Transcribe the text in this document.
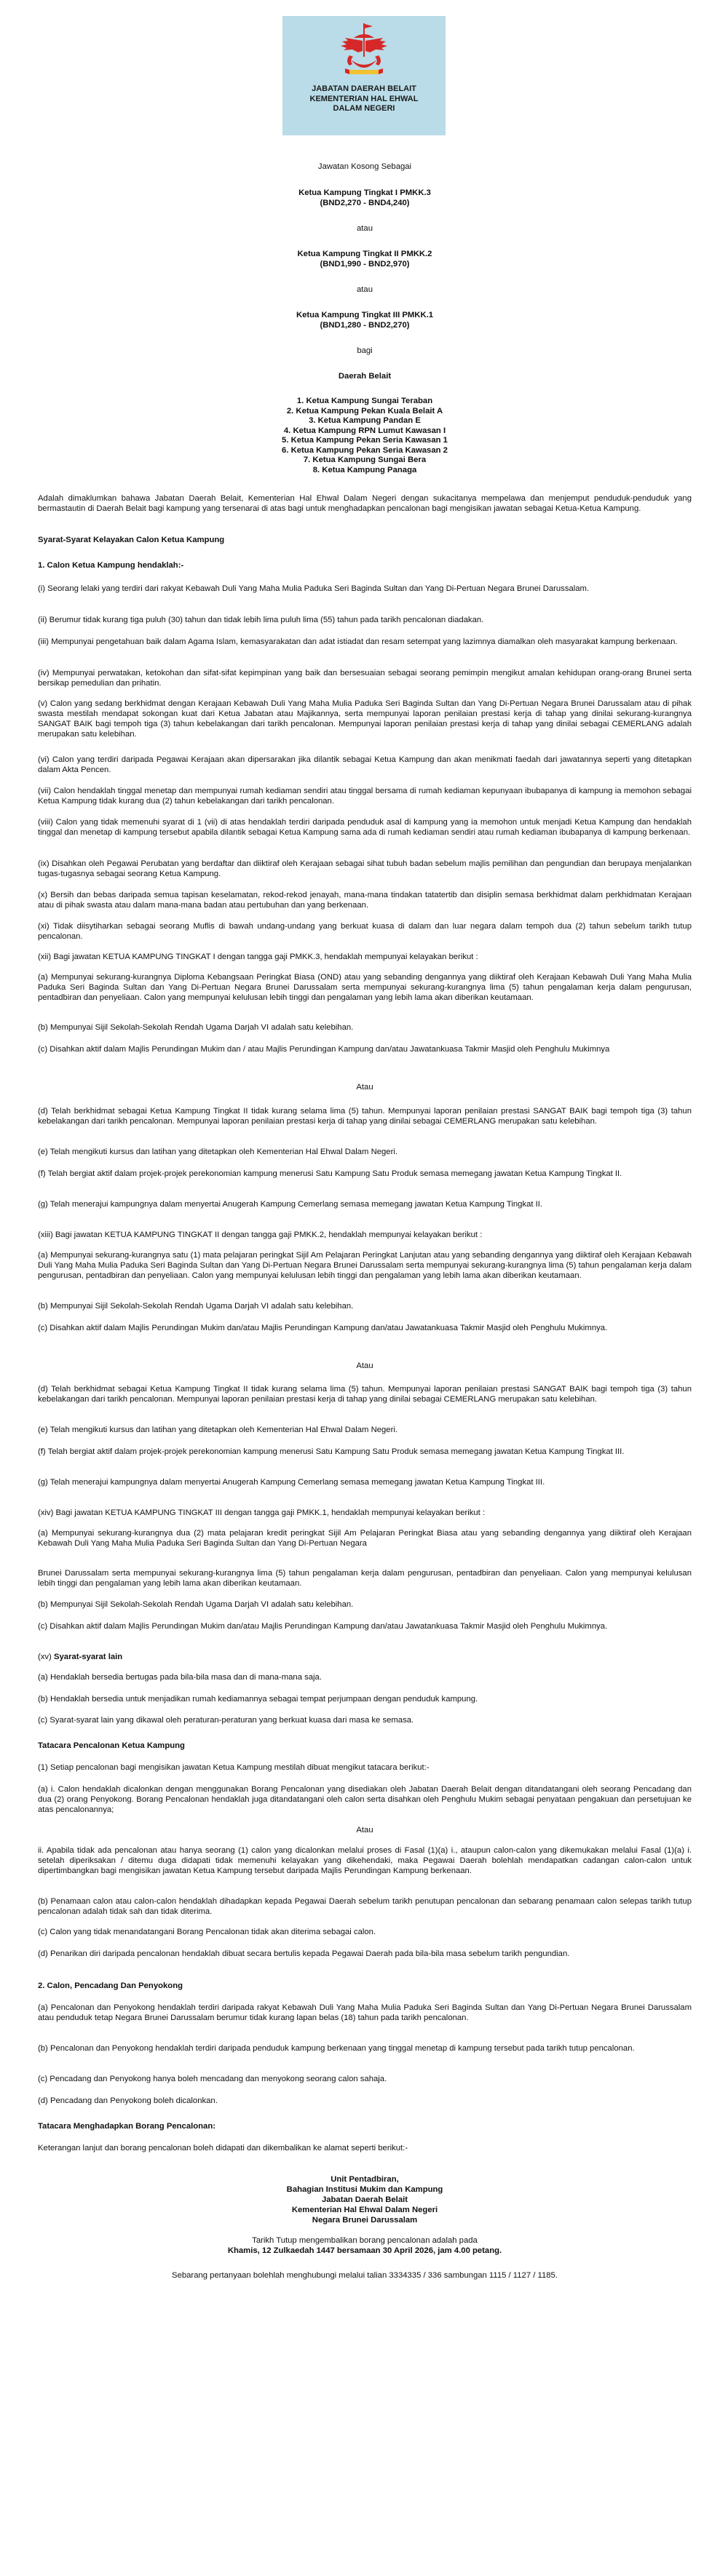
JABATAN DAERAH BELAIT
KEMENTERIAN HAL EHWAL
DALAM NEGERI
Jawatan Kosong Sebagai
Ketua Kampung Tingkat I PMKK.3
(BND2,270 - BND4,240)
atau
Ketua Kampung Tingkat II PMKK.2
(BND1,990 - BND2,970)
atau
Ketua Kampung Tingkat III PMKK.1
(BND1,280 - BND2,270)
bagi
Daerah Belait
1. Ketua Kampung Sungai Teraban
2. Ketua Kampung Pekan Kuala Belait A
3. Ketua Kampung Pandan E
4. Ketua Kampung RPN Lumut Kawasan I
5. Ketua Kampung Pekan Seria Kawasan 1
6. Ketua Kampung Pekan Seria Kawasan 2
7. Ketua Kampung Sungai Bera
8. Ketua Kampung Panaga

Adalah dimaklumkan bahawa Jabatan Daerah Belait, Kementerian Hal Ehwal Dalam Negeri dengan sukacitanya mempelawa dan menjemput penduduk-penduduk yang bermastautin di Daerah Belait bagi kampung yang tersenarai di atas bagi untuk menghadapkan pencalonan bagi mengisikan jawatan sebagai Ketua-Ketua Kampung.

Syarat-Syarat Kelayakan Calon Ketua Kampung

1. Calon Ketua Kampung hendaklah:-

(i) Seorang lelaki yang terdiri dari rakyat Kebawah Duli Yang Maha Mulia Paduka Seri Baginda Sultan dan Yang Di-Pertuan Negara Brunei Darussalam.

(ii) Berumur tidak kurang tiga puluh (30) tahun dan tidak lebih lima puluh lima (55) tahun pada tarikh pencalonan diadakan.

(iii) Mempunyai pengetahuan baik dalam Agama Islam, kemasyarakatan dan adat istiadat dan resam setempat yang lazimnya diamalkan oleh masyarakat kampung berkenaan.

(iv) Mempunyai perwatakan, ketokohan dan sifat-sifat kepimpinan yang baik dan bersesuaian sebagai seorang pemimpin mengikut amalan kehidupan orang-orang Brunei serta bersikap pemedulian dan prihatin.

(v) Calon yang sedang berkhidmat dengan Kerajaan Kebawah Duli Yang Maha Mulia Paduka Seri Baginda Sultan dan Yang Di-Pertuan Negara Brunei Darussalam atau di pihak swasta mestilah mendapat sokongan kuat dari Ketua Jabatan atau Majikannya, serta mempunyai laporan penilaian prestasi kerja di tahap yang dinilai sekurang-kurangnya SANGAT BAIK bagi tempoh tiga (3) tahun kebelakangan dari tarikh pencalonan. Mempunyai laporan penilaian prestasi kerja di tahap yang dinilai sebagai CEMERLANG adalah merupakan satu kelebihan.

(vi) Calon yang terdiri daripada Pegawai Kerajaan akan dipersarakan jika dilantik sebagai Ketua Kampung dan akan menikmati faedah dari jawatannya seperti yang ditetapkan dalam Akta Pencen.

(vii) Calon hendaklah tinggal menetap dan mempunyai rumah kediaman sendiri atau tinggal bersama di rumah kediaman kepunyaan ibubapanya di kampung ia memohon sebagai Ketua Kampung tidak kurang dua (2) tahun kebelakangan dari tarikh pencalonan.

(viii) Calon yang tidak memenuhi syarat di 1 (vii) di atas hendaklah terdiri daripada penduduk asal di kampung yang ia memohon untuk menjadi Ketua Kampung dan hendaklah tinggal dan menetap di kampung tersebut apabila dilantik sebagai Ketua Kampung sama ada di rumah kediaman sendiri atau rumah kediaman ibubapanya di kampung berkenaan.

(ix) Disahkan oleh Pegawai Perubatan yang berdaftar dan diiktiraf oleh Kerajaan sebagai sihat tubuh badan sebelum majlis pemilihan dan pengundian dan berupaya menjalankan tugas-tugasnya sebagai seorang Ketua Kampung.

(x) Bersih dan bebas daripada semua tapisan keselamatan, rekod-rekod jenayah, mana-mana tindakan tatatertib dan disiplin semasa berkhidmat dalam perkhidmatan Kerajaan atau di pihak swasta atau dalam mana-mana badan atau pertubuhan dan yang berkenaan.

(xi) Tidak diisytiharkan sebagai seorang Muflis di bawah undang-undang yang berkuat kuasa di dalam dan luar negara dalam tempoh dua (2) tahun sebelum tarikh tutup pencalonan.

(xii) Bagi jawatan KETUA KAMPUNG TINGKAT I dengan tangga gaji PMKK.3, hendaklah mempunyai kelayakan berikut :

(a) Mempunyai sekurang-kurangnya Diploma Kebangsaan Peringkat Biasa (OND) atau yang sebanding dengannya yang diiktiraf oleh Kerajaan Kebawah Duli Yang Maha Mulia Paduka Seri Baginda Sultan dan Yang Di-Pertuan Negara Brunei Darussalam serta mempunyai sekurang-kurangnya lima (5) tahun pengalaman kerja dalam pengurusan, pentadbiran dan penyeliaan. Calon yang mempunyai kelulusan lebih tinggi dan pengalaman yang lebih lama akan diberikan keutamaan.

(b) Mempunyai Sijil Sekolah-Sekolah Rendah Ugama Darjah VI adalah satu kelebihan.

(c) Disahkan aktif dalam Majlis Perundingan Mukim dan / atau Majlis Perundingan Kampung dan/atau Jawatankuasa Takmir Masjid oleh Penghulu Mukimnya

Atau

(d) Telah berkhidmat sebagai Ketua Kampung Tingkat II tidak kurang selama lima (5) tahun. Mempunyai laporan penilaian prestasi SANGAT BAIK bagi tempoh tiga (3) tahun kebelakangan dari tarikh pencalonan. Mempunyai laporan penilaian prestasi kerja di tahap yang dinilai sebagai CEMERLANG merupakan satu kelebihan.

(e) Telah mengikuti kursus dan latihan yang ditetapkan oleh Kementerian Hal Ehwal Dalam Negeri.

(f) Telah bergiat aktif dalam projek-projek perekonomian kampung menerusi Satu Kampung Satu Produk semasa memegang jawatan Ketua Kampung Tingkat II.

(g) Telah menerajui kampungnya dalam menyertai Anugerah Kampung Cemerlang semasa memegang jawatan Ketua Kampung Tingkat II.

(xiii) Bagi jawatan KETUA KAMPUNG TINGKAT II dengan tangga gaji PMKK.2, hendaklah mempunyai kelayakan berikut :

(a) Mempunyai sekurang-kurangnya satu (1) mata pelajaran peringkat Sijil Am Pelajaran Peringkat Lanjutan atau yang sebanding dengannya yang diiktiraf oleh Kerajaan Kebawah Duli Yang Maha Mulia Paduka Seri Baginda Sultan dan Yang Di-Pertuan Negara Brunei Darussalam serta mempunyai sekurang-kurangnya lima (5) tahun pengalaman kerja dalam pengurusan, pentadbiran dan penyeliaan. Calon yang mempunyai kelulusan lebih tinggi dan pengalaman yang lebih lama akan diberikan keutamaan.

(b) Mempunyai Sijil Sekolah-Sekolah Rendah Ugama Darjah VI adalah satu kelebihan.

(c) Disahkan aktif dalam Majlis Perundingan Mukim dan/atau Majlis Perundingan Kampung dan/atau Jawatankuasa Takmir Masjid oleh Penghulu Mukimnya.

Atau

(d) Telah berkhidmat sebagai Ketua Kampung Tingkat II tidak kurang selama lima (5) tahun. Mempunyai laporan penilaian prestasi SANGAT BAIK bagi tempoh tiga (3) tahun kebelakangan dari tarikh pencalonan. Mempunyai laporan penilaian prestasi kerja di tahap yang dinilai sebagai CEMERLANG merupakan satu kelebihan.

(e) Telah mengikuti kursus dan latihan yang ditetapkan oleh Kementerian Hal Ehwal Dalam Negeri.

(f) Telah bergiat aktif dalam projek-projek perekonomian kampung menerusi Satu Kampung Satu Produk semasa memegang jawatan Ketua Kampung Tingkat III.

(g) Telah menerajui kampungnya dalam menyertai Anugerah Kampung Cemerlang semasa memegang jawatan Ketua Kampung Tingkat III.

(xiv) Bagi jawatan KETUA KAMPUNG TINGKAT III dengan tangga gaji PMKK.1, hendaklah mempunyai kelayakan berikut :

(a) Mempunyai sekurang-kurangnya dua (2) mata pelajaran kredit peringkat Sijil Am Pelajaran Peringkat Biasa atau yang sebanding dengannya yang diiktiraf oleh Kerajaan Kebawah Duli Yang Maha Mulia Paduka Seri Baginda Sultan dan Yang Di-Pertuan Negara

Brunei Darussalam serta mempunyai sekurang-kurangnya lima (5) tahun pengalaman kerja dalam pengurusan, pentadbiran dan penyeliaan. Calon yang mempunyai kelulusan lebih tinggi dan pengalaman yang lebih lama akan diberikan keutamaan.

(b) Mempunyai Sijil Sekolah-Sekolah Rendah Ugama Darjah VI adalah satu kelebihan.

(c) Disahkan aktif dalam Majlis Perundingan Mukim dan/atau Majlis Perundingan Kampung dan/atau Jawatankuasa Takmir Masjid oleh Penghulu Mukimnya.

(xv) Syarat-syarat lain

(a) Hendaklah bersedia bertugas pada bila-bila masa dan di mana-mana saja.

(b) Hendaklah bersedia untuk menjadikan rumah kediamannya sebagai tempat perjumpaan dengan penduduk kampung.

(c) Syarat-syarat lain yang dikawal oleh peraturan-peraturan yang berkuat kuasa dari masa ke semasa.

Tatacara Pencalonan Ketua Kampung

(1) Setiap pencalonan bagi mengisikan jawatan Ketua Kampung mestilah dibuat mengikut tatacara berikut:-

(a) i. Calon hendaklah dicalonkan dengan menggunakan Borang Pencalonan yang disediakan oleh Jabatan Daerah Belait dengan ditandatangani oleh seorang Pencadang dan dua (2) orang Penyokong. Borang Pencalonan hendaklah juga ditandatangani oleh calon serta disahkan oleh Penghulu Mukim sebagai penyataan pengakuan dan persetujuan ke atas pencalonannya;

Atau

ii. Apabila tidak ada pencalonan atau hanya seorang (1) calon yang dicalonkan melalui proses di Fasal (1)(a) i., ataupun calon-calon yang dikemukakan melalui Fasal (1)(a) i. setelah diperiksakan / ditemu duga didapati tidak memenuhi kelayakan yang dikehendaki, maka Pegawai Daerah bolehlah mendapatkan cadangan calon-calon untuk dipertimbangkan bagi mengisikan jawatan Ketua Kampung tersebut daripada Majlis Perundingan Kampung berkenaan.

(b) Penamaan calon atau calon-calon hendaklah dihadapkan kepada Pegawai Daerah sebelum tarikh penutupan pencalonan dan sebarang penamaan calon selepas tarikh tutup pencalonan adalah tidak sah dan tidak diterima.

(c) Calon yang tidak menandatangani Borang Pencalonan tidak akan diterima sebagai calon.

(d) Penarikan diri daripada pencalonan hendaklah dibuat secara bertulis kepada Pegawai Daerah pada bila-bila masa sebelum tarikh pengundian.

2. Calon, Pencadang Dan Penyokong

(a) Pencalonan dan Penyokong hendaklah terdiri daripada rakyat Kebawah Duli Yang Maha Mulia Paduka Seri Baginda Sultan dan Yang Di-Pertuan Negara Brunei Darussalam atau penduduk tetap Negara Brunei Darussalam berumur tidak kurang lapan belas (18) tahun pada tarikh pencalonan.

(b) Pencalonan dan Penyokong hendaklah terdiri daripada penduduk kampung berkenaan yang tinggal menetap di kampung tersebut pada tarikh tutup pencalonan.

(c) Pencadang dan Penyokong hanya boleh mencadang dan menyokong seorang calon sahaja.

(d) Pencadang dan Penyokong boleh dicalonkan.

Tatacara Menghadapkan Borang Pencalonan:

Keterangan lanjut dan borang pencalonan boleh didapati dan dikembalikan ke alamat seperti berikut:-

Unit Pentadbiran,
Bahagian Institusi Mukim dan Kampung
Jabatan Daerah Belait
Kementerian Hal Ehwal Dalam Negeri
Negara Brunei Darussalam
Tarikh Tutup mengembalikan borang pencalonan adalah pada
Khamis, 12 Zulkaedah 1447 bersamaan 30 April 2026, jam 4.00 petang.
Sebarang pertanyaan bolehlah menghubungi melalui talian 3334335 / 336 sambungan 1115 / 1127 / 1185.
